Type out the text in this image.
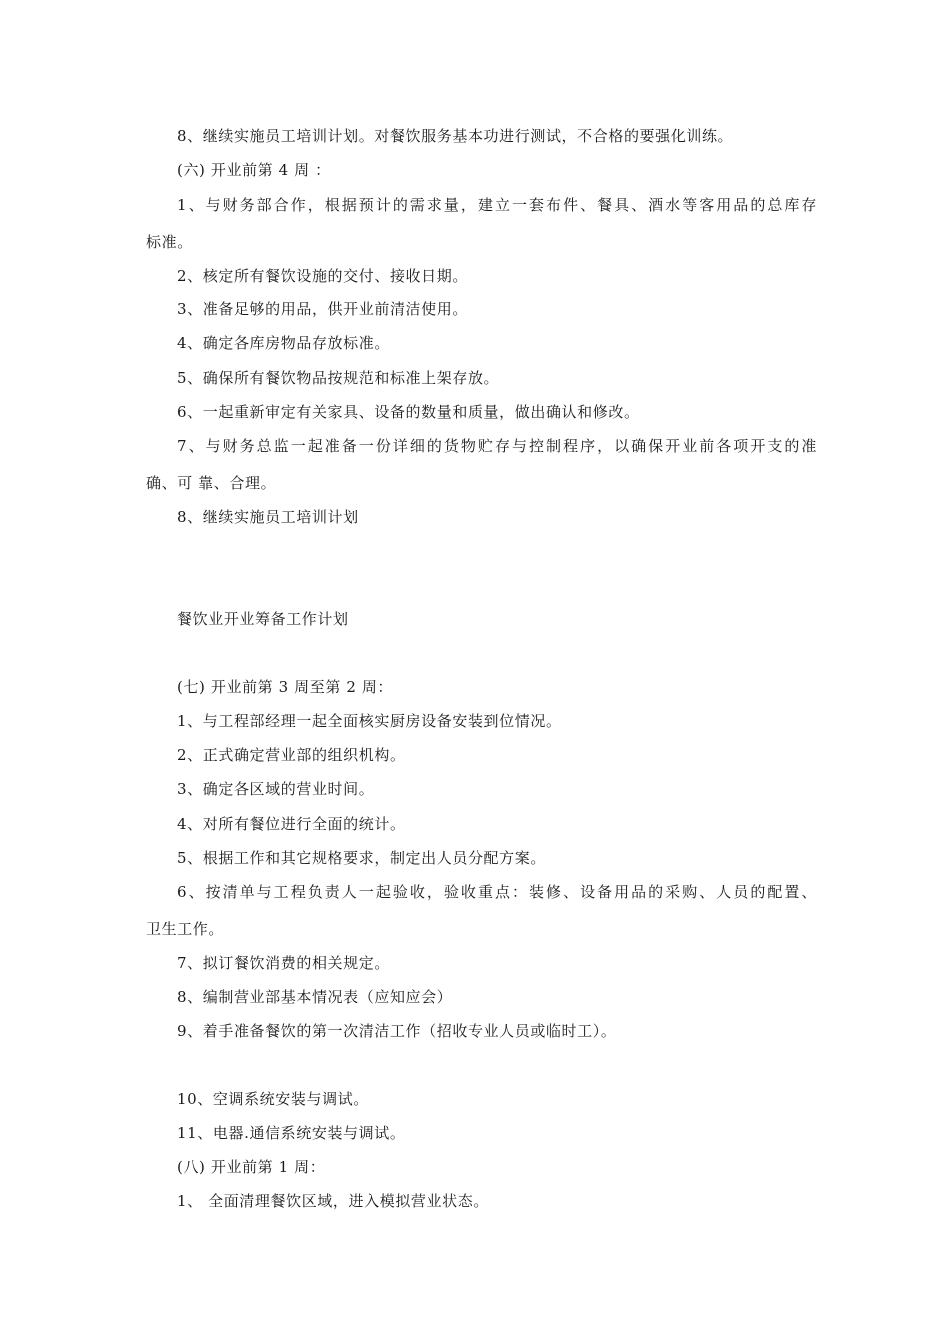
8、继续实施员工培训计划。对餐饮服务基本功进行测试，不合格的要强化训练。
(六) 开业前第 4 周 ：
1、与财务部合作，根据预计的需求量，建立一套布件、餐具、酒水等客用品的总库存
标准。
2、核定所有餐饮设施的交付、接收日期。
3、准备足够的用品，供开业前清洁使用。
4、确定各库房物品存放标准。
5、确保所有餐饮物品按规范和标准上架存放。
6、一起重新审定有关家具、设备的数量和质量，做出确认和修改。
7、与财务总监一起准备一份详细的货物贮存与控制程序，以确保开业前各项开支的准
确、可 靠、合理。
8、继续实施员工培训计划
餐饮业开业筹备工作计划
(七) 开业前第 3 周至第 2 周：
1、与工程部经理一起全面核实厨房设备安装到位情况。
2、正式确定营业部的组织机构。
3、确定各区域的营业时间。
4、对所有餐位进行全面的统计。
5、根据工作和其它规格要求，制定出人员分配方案。
6、按清单与工程负责人一起验收，验收重点：装修、设备用品的采购、人员的配置、
卫生工作。
7、拟订餐饮消费的相关规定。
8、编制营业部基本情况表（应知应会）
9、着手准备餐饮的第一次清洁工作（招收专业人员或临时工）。
10、空调系统安装与调试。
11、电器.通信系统安装与调试。
(八) 开业前第 1 周：
1、 全面清理餐饮区域，进入模拟营业状态。
